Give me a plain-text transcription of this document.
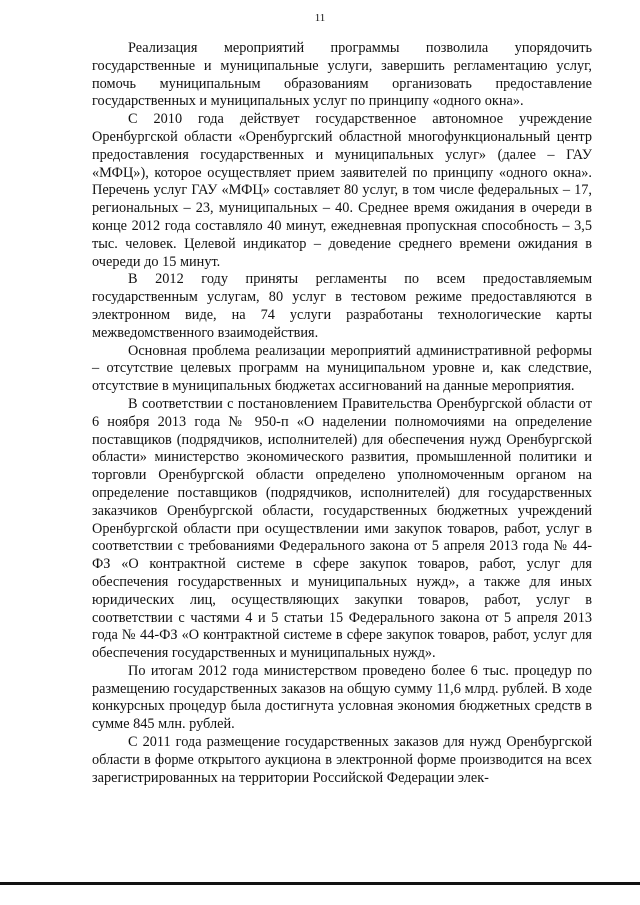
11

Реализация мероприятий программы позволила упорядочить государственные и муниципальные услуги, завершить регламентацию услуг, помочь муниципальным образованиям организовать предоставление государственных и муниципальных услуг по принципу «одного окна».

С 2010 года действует государственное автономное учреждение Оренбургской области «Оренбургский областной многофункциональный центр предоставления государственных и муниципальных услуг» (далее – ГАУ «МФЦ»), которое осуществляет прием заявителей по принципу «одного окна». Перечень услуг ГАУ «МФЦ» составляет 80 услуг, в том числе федеральных – 17, региональных – 23, муниципальных – 40. Среднее время ожидания в очереди в конце 2012 года составляло 40 минут, ежедневная пропускная способность – 3,5 тыс. человек. Целевой индикатор – доведение среднего времени ожидания в очереди до 15 минут.

В 2012 году приняты регламенты по всем предоставляемым государственным услугам, 80 услуг в тестовом режиме предоставляются в электронном виде, на 74 услуги разработаны технологические карты межведомственного взаимодействия.

Основная проблема реализации мероприятий административной реформы – отсутствие целевых программ на муниципальном уровне и, как следствие, отсутствие в муниципальных бюджетах ассигнований на данные мероприятия.

В соответствии с постановлением Правительства Оренбургской области от 6 ноября 2013 года № 950-п «О наделении полномочиями на определение поставщиков (подрядчиков, исполнителей) для обеспечения нужд Оренбургской области» министерство экономического развития, промышленной политики и торговли Оренбургской области определено уполномоченным органом на определение поставщиков (подрядчиков, исполнителей) для государственных заказчиков Оренбургской области, государственных бюджетных учреждений Оренбургской области при осуществлении ими закупок товаров, работ, услуг в соответствии с требованиями Федерального закона от 5 апреля 2013 года № 44-ФЗ «О контрактной системе в сфере закупок товаров, работ, услуг для обеспечения государственных и муниципальных нужд», а также для иных юридических лиц, осуществляющих закупки товаров, работ, услуг в соответствии с частями 4 и 5 статьи 15 Федерального закона от 5 апреля 2013 года № 44-ФЗ «О контрактной системе в сфере закупок товаров, работ, услуг для обеспечения государственных и муниципальных нужд».

По итогам 2012 года министерством проведено более 6 тыс. процедур по размещению государственных заказов на общую сумму 11,6 млрд. рублей. В ходе конкурсных процедур была достигнута условная экономия бюджетных средств в сумме 845 млн. рублей.

С 2011 года размещение государственных заказов для нужд Оренбургской области в форме открытого аукциона в электронной форме производится на всех зарегистрированных на территории Российской Федерации элек-
